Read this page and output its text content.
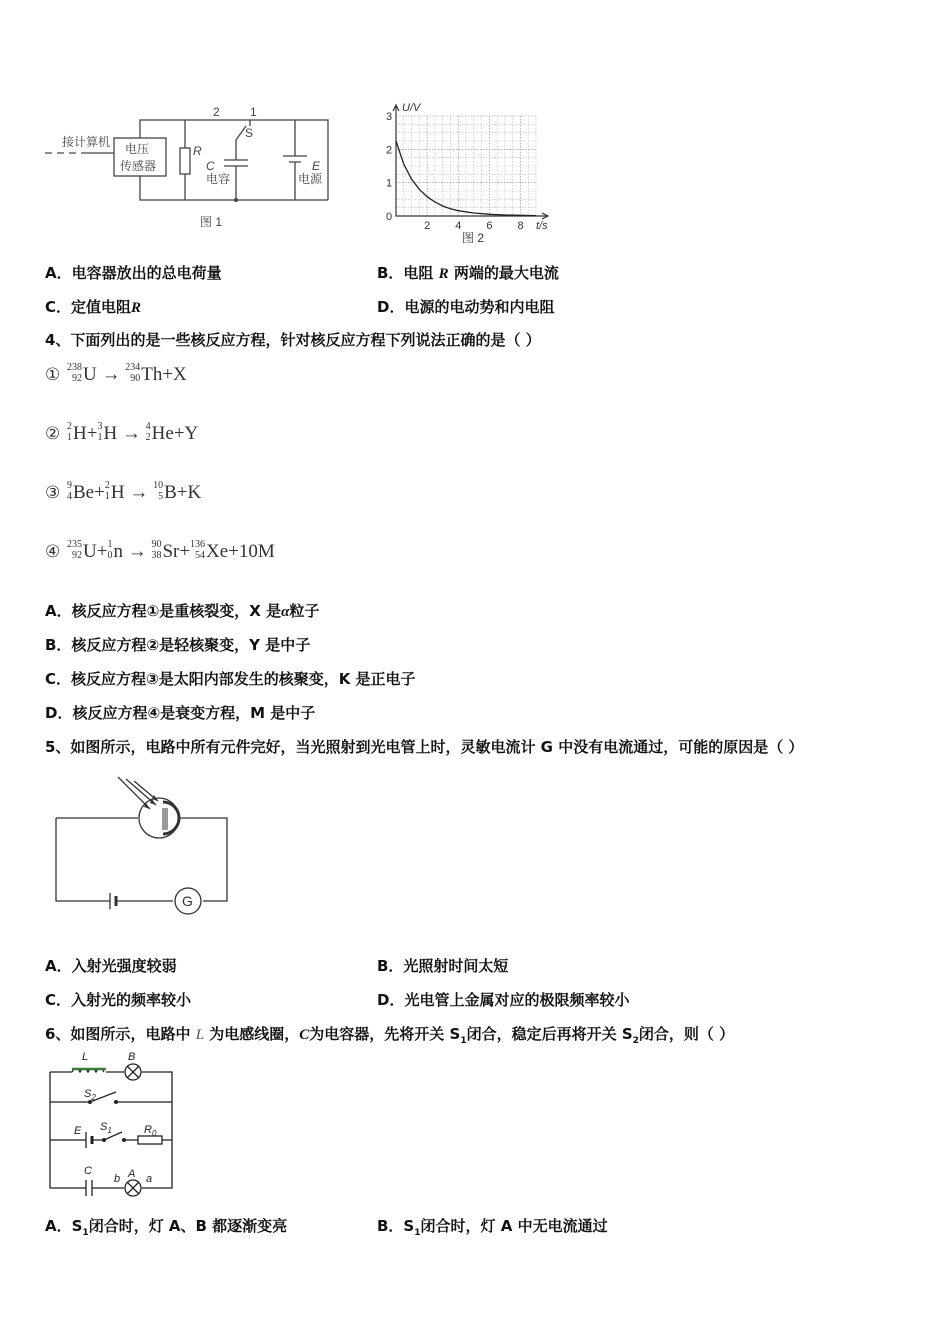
接计算机 电压
传感器
R
2	1
S
C
电容
E
电源
图 1
3
2
1
0
2 4 6 8
U/V
t/s
图 2
A．电容器放出的总电荷量	B．电阻 R 两端的最大电流
C．定值电阻R	D．电源的电动势和内电阻
4、下面列出的是一些核反应方程，针对核反应方程下列说法正确的是（ ）
① 238
92 U → 234
90 Th+X
② 2
1 H+ 3
1 H → 4
2 He+Y
③ 9
4 Be+ 2
1 H → 10
5 B+K
④ 235
92 U+ 1
0 n → 90
38 Sr+ 136
54 Xe+10M
A．核反应方程①是重核裂变，X 是α粒子
B．核反应方程②是轻核聚变，Y 是中子
C．核反应方程③是太阳内部发生的核聚变，K 是正电子
D．核反应方程④是衰变方程，M 是中子
5、如图所示，电路中所有元件完好，当光照射到光电管上时，灵敏电流计 G 中没有电流通过，可能的原因是（ ）
G
A．入射光强度较弱	B．光照射时间太短
C．入射光的频率较小	D．光电管上金属对应的极限频率较小
6、如图所示，电路中 L 为电感线圈，C为电容器，先将开关 $S_1$闭合，稳定后再将开关 $S_2$闭合，则（ ）
L	B
$S_2$
E $S_1$	$R_0$
C
b A a
A．$S_1$闭合时，灯 A、B 都逐渐变亮	B．$S_1$闭合时，灯 A 中无电流通过
